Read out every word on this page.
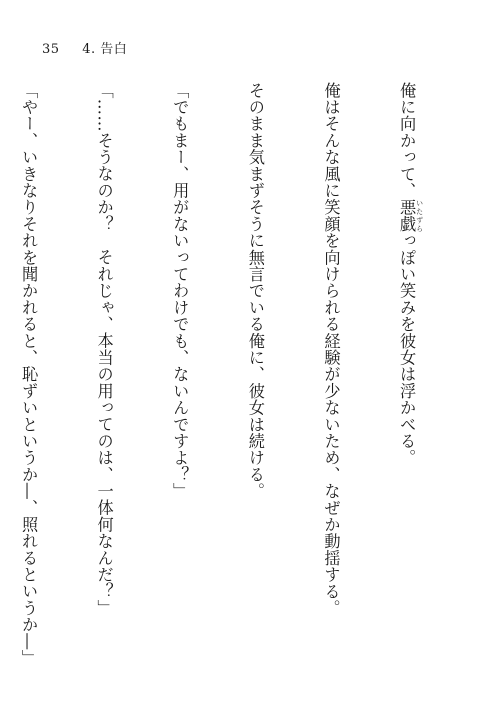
35 4. 告白

俺に向かって、悪戯 いたずらっぽい笑みを彼女は浮かべる。

俺はそんな風に笑顔を向けられる経験が少ないため、なぜか動揺する。

そのまま気まずそうに無言でいる俺に、彼女は続ける。

「でもまー、用がないってわけでも、ないんですよ？」

「……そうなのか？　それじゃ、本当の用ってのは、一体何なんだ？」

「やー、いきなりそれを聞かれると、恥ずいというか―、照れるというか―」
